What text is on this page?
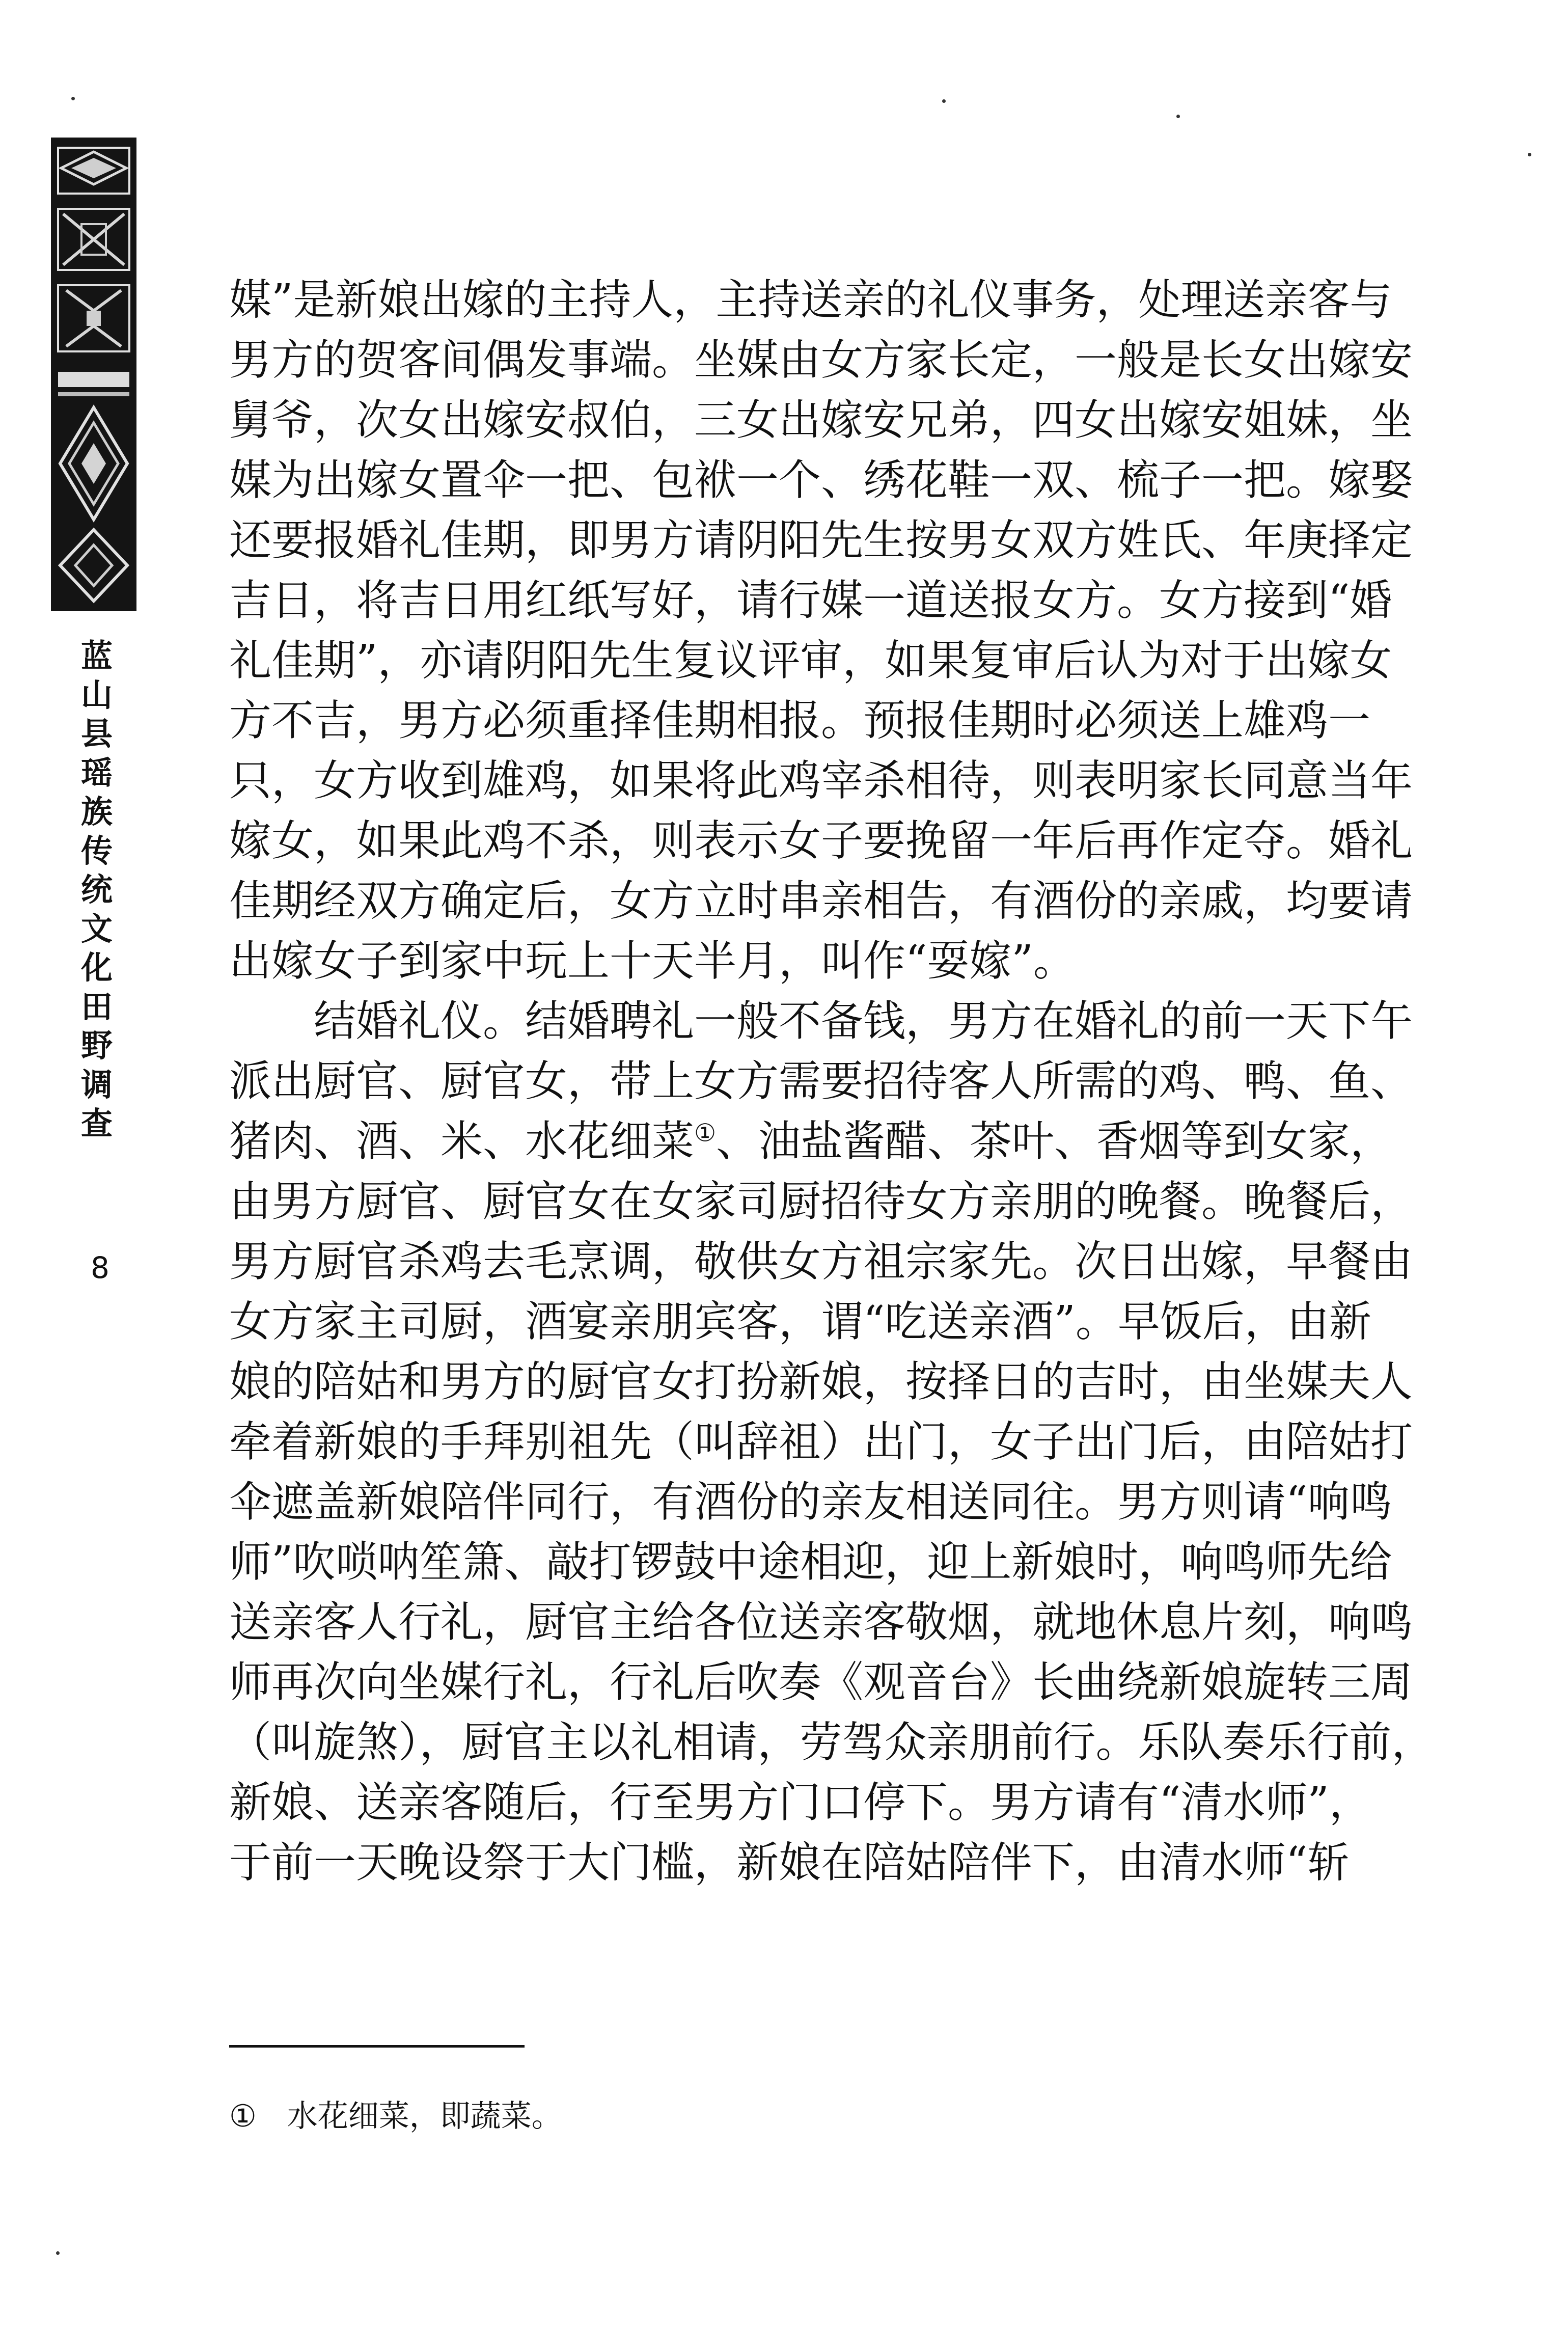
蓝
山
县
瑶
族
传
统
文
化
田
野
调
查
8
媒”是新娘出嫁的主持人，主持送亲的礼仪事务，处理送亲客与
男方的贺客间偶发事端。坐媒由女方家长定，一般是长女出嫁安
舅爷，次女出嫁安叔伯，三女出嫁安兄弟，四女出嫁安姐妹，坐
媒为出嫁女置伞一把、包袱一个、绣花鞋一双、梳子一把。嫁娶
还要报婚礼佳期，即男方请阴阳先生按男女双方姓氏、年庚择定
吉日，将吉日用红纸写好，请行媒一道送报女方。女方接到“婚
礼佳期”，亦请阴阳先生复议评审，如果复审后认为对于出嫁女
方不吉，男方必须重择佳期相报。预报佳期时必须送上雄鸡一
只，女方收到雄鸡，如果将此鸡宰杀相待，则表明家长同意当年
嫁女，如果此鸡不杀，则表示女子要挽留一年后再作定夺。婚礼
佳期经双方确定后，女方立时串亲相告，有酒份的亲戚，均要请
出嫁女子到家中玩上十天半月，叫作“耍嫁”。
结婚礼仪。结婚聘礼一般不备钱，男方在婚礼的前一天下午
派出厨官、厨官女，带上女方需要招待客人所需的鸡、鸭、鱼、
猪肉、酒、米、水花细菜①、油盐酱醋、茶叶、香烟等到女家，
由男方厨官、厨官女在女家司厨招待女方亲朋的晚餐。晚餐后，
男方厨官杀鸡去毛烹调，敬供女方祖宗家先。次日出嫁，早餐由
女方家主司厨，酒宴亲朋宾客，谓“吃送亲酒”。早饭后，由新
娘的陪姑和男方的厨官女打扮新娘，按择日的吉时，由坐媒夫人
牵着新娘的手拜别祖先（叫辞祖）出门，女子出门后，由陪姑打
伞遮盖新娘陪伴同行，有酒份的亲友相送同往。男方则请“响鸣
师”吹唢呐笙箫、敲打锣鼓中途相迎，迎上新娘时，响鸣师先给
送亲客人行礼，厨官主给各位送亲客敬烟，就地休息片刻，响鸣
师再次向坐媒行礼，行礼后吹奏《观音台》长曲绕新娘旋转三周
（叫旋煞），厨官主以礼相请，劳驾众亲朋前行。乐队奏乐行前，
新娘、送亲客随后，行至男方门口停下。男方请有“清水师”，
于前一天晚设祭于大门槛，新娘在陪姑陪伴下，由清水师“斩
① 水花细菜，即蔬菜。
